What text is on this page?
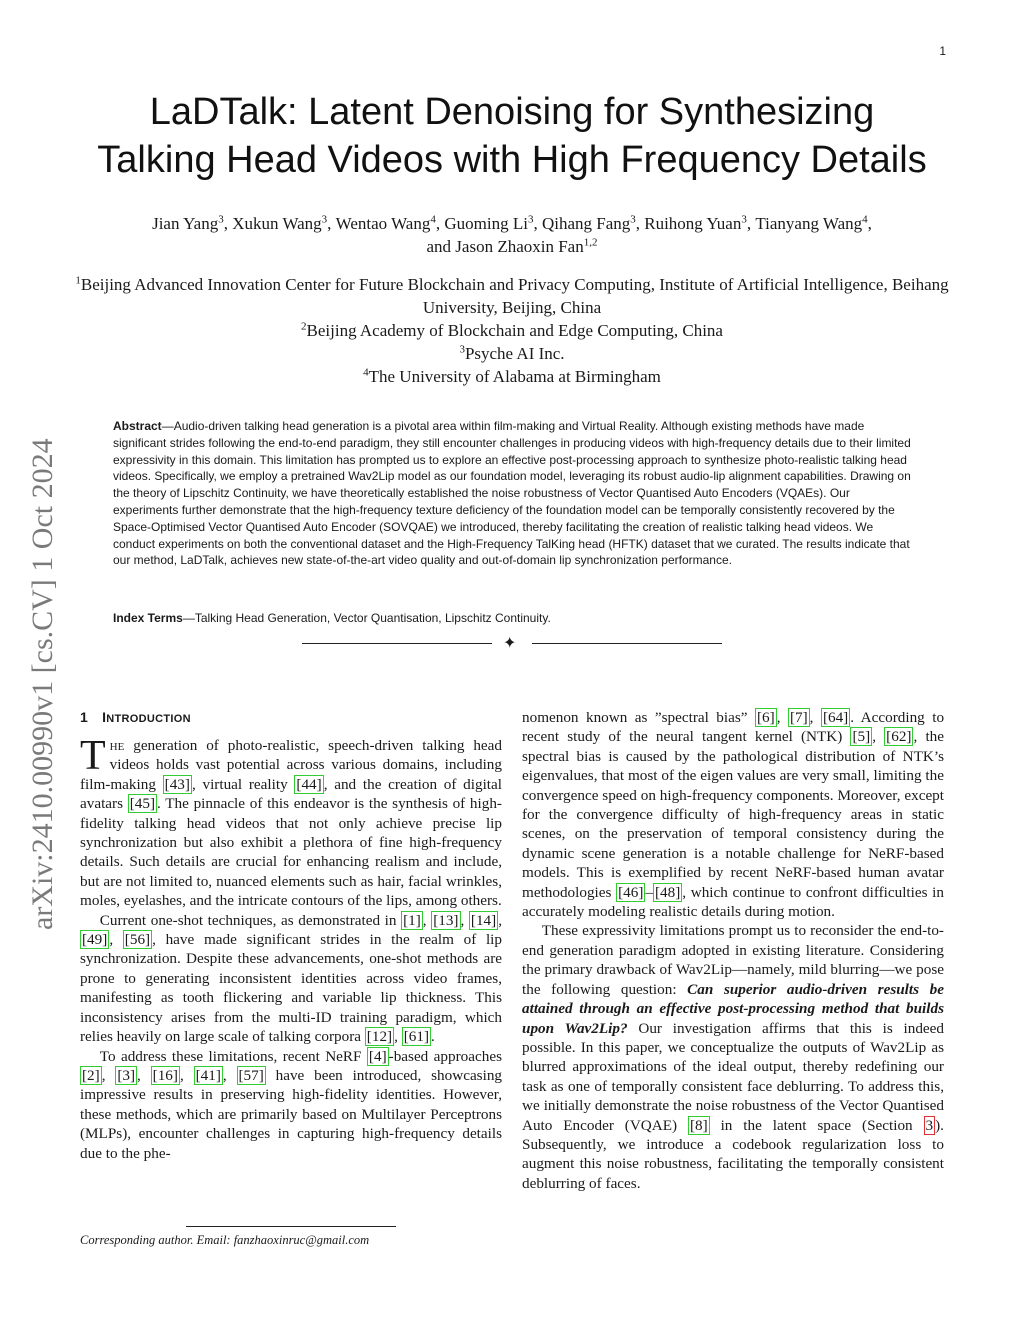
1
arXiv:2410.00990v1 [cs.CV] 1 Oct 2024
LaDTalk: Latent Denoising for Synthesizing
Talking Head Videos with High Frequency Details
Jian Yang$^3$, Xukun Wang$^3$, Wentao Wang$^4$, Guoming Li$^3$, Qihang Fang$^3$, Ruihong Yuan$^3$, Tianyang Wang$^4$,
and Jason Zhaoxin Fan$^{1,2}$
$^1$Beijing Advanced Innovation Center for Future Blockchain and Privacy Computing, Institute of Artificial Intelligence, Beihang University, Beijing, China
$^2$Beijing Academy of Blockchain and Edge Computing, China
$^3$Psyche AI Inc.
$^4$The University of Alabama at Birmingham
Abstract—Audio-driven talking head generation is a pivotal area within film-making and Virtual Reality. Although existing methods have made significant strides following the end-to-end paradigm, they still encounter challenges in producing videos with high-frequency details due to their limited expressivity in this domain. This limitation has prompted us to explore an effective post-processing approach to synthesize photo-realistic talking head videos. Specifically, we employ a pretrained Wav2Lip model as our foundation model, leveraging its robust audio-lip alignment capabilities. Drawing on the theory of Lipschitz Continuity, we have theoretically established the noise robustness of Vector Quantised Auto Encoders (VQAEs). Our experiments further demonstrate that the high-frequency texture deficiency of the foundation model can be temporally consistently recovered by the Space-Optimised Vector Quantised Auto Encoder (SOVQAE) we introduced, thereby facilitating the creation of realistic talking head videos. We conduct experiments on both the conventional dataset and the High-Frequency TalKing head (HFTK) dataset that we curated. The results indicate that our method, LaDTalk, achieves new state-of-the-art video quality and out-of-domain lip synchronization performance.
Index Terms—Talking Head Generation, Vector Quantisation, Lipschitz Continuity.
✦
1 INTRODUCTION

The generation of photo-realistic, speech-driven talking head videos holds vast potential across various domains, including film-making [43] , virtual reality [44] , and the creation of digital avatars [45] . The pinnacle of this endeavor is the synthesis of high-fidelity talking head videos that not only achieve precise lip synchronization but also exhibit a plethora of fine high-frequency details. Such details are crucial for enhancing realism and include, but are not limited to, nuanced elements such as hair, facial wrinkles, moles, eyelashes, and the intricate contours of the lips, among others.

Current one-shot techniques, as demonstrated in [1] , [13] , [14] , [49] , [56] , have made significant strides in the realm of lip synchronization. Despite these advancements, one-shot methods are prone to generating inconsistent identities across video frames, manifesting as tooth flickering and variable lip thickness. This inconsistency arises from the multi-ID training paradigm, which relies heavily on large scale of talking corpora [12] , [61] .

To address these limitations, recent NeRF [4] -based approaches [2] , [3] , [16] , [41] , [57] have been introduced, showcasing impressive results in preserving high-fidelity identities. However, these methods, which are primarily based on Multilayer Perceptrons (MLPs), encounter challenges in capturing high-frequency details due to the phe-

nomenon known as ”spectral bias” [6] , [7] , [64] . According to recent study of the neural tangent kernel (NTK) [5] , [62] , the spectral bias is caused by the pathological distribution of NTK’s eigenvalues, that most of the eigen values are very small, limiting the convergence speed on high-frequency components. Moreover, except for the convergence difficulty of high-frequency areas in static scenes, on the preservation of temporal consistency during the dynamic scene generation is a notable challenge for NeRF-based models. This is exemplified by recent NeRF-based human avatar methodologies [46] – [48] , which continue to confront difficulties in accurately modeling realistic details during motion.

These expressivity limitations prompt us to reconsider the end-to-end generation paradigm adopted in existing literature. Considering the primary drawback of Wav2Lip—namely, mild blurring—we pose the following question: Can superior audio-driven results be attained through an effective post-processing method that builds upon Wav2Lip? Our investigation affirms that this is indeed possible. In this paper, we conceptualize the outputs of Wav2Lip as blurred approximations of the ideal output, thereby redefining our task as one of temporally consistent face deblurring. To address this, we initially demonstrate the noise robustness of the Vector Quantised Auto Encoder (VQAE) [8] in the latent space (Section 3 ). Subsequently, we introduce a codebook regularization loss to augment this noise robustness, facilitating the temporally consistent deblurring of faces.

Corresponding author. Email: fanzhaoxinruc@gmail.com
